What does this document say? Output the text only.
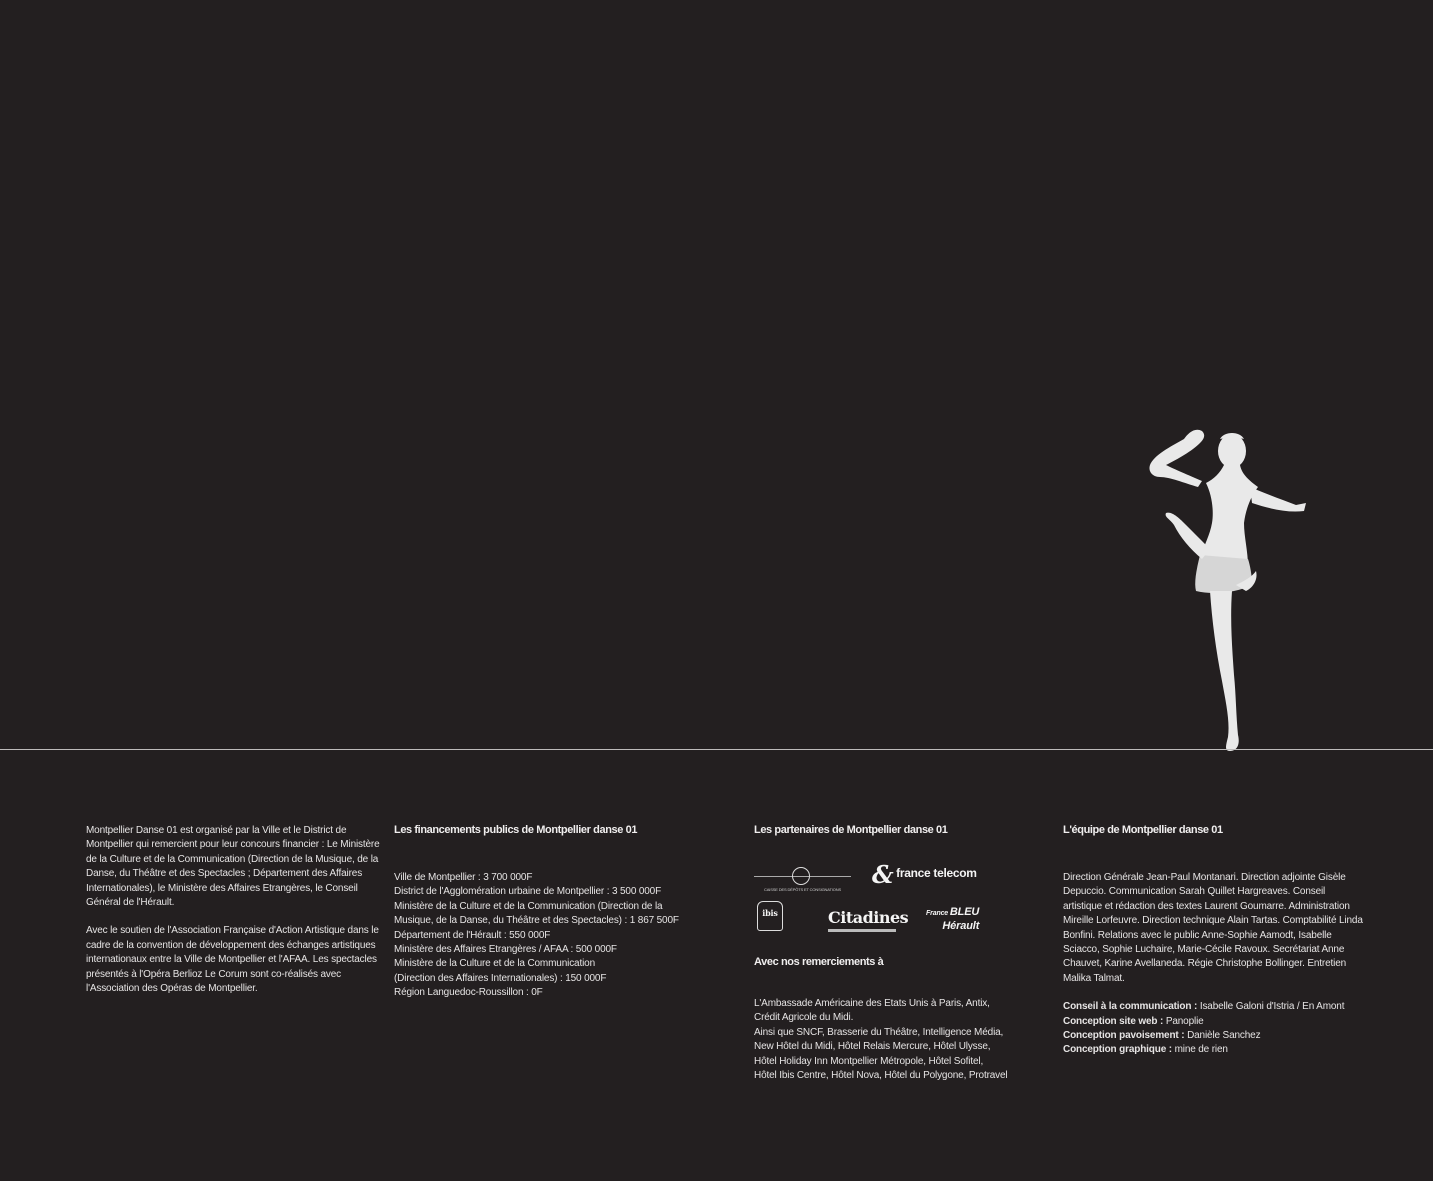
Montpellier Danse 01 est organisé par la Ville et le District de Montpellier qui remercient pour leur concours financier : Le Ministère de la Culture et de la Communication (Direction de la Musique, de la Danse, du Théâtre et des Spectacles ; Département des Affaires Internationales), le Ministère des Affaires Etrangères, le Conseil Général de l'Hérault.

Avec le soutien de l'Association Française d'Action Artistique dans le cadre de la convention de développement des échanges artistiques internationaux entre la Ville de Montpellier et l'AFAA. Les spectacles présentés à l'Opéra Berlioz Le Corum sont co-réalisés avec l'Association des Opéras de Montpellier.

Les financements publics de Montpellier danse 01

Ville de Montpellier : 3 700 000F

District de l'Agglomération urbaine de Montpellier : 3 500 000F

Ministère de la Culture et de la Communication (Direction de la

Musique, de la Danse, du Théâtre et des Spectacles) : 1 867 500F

Département de l'Hérault : 550 000F

Ministère des Affaires Etrangères / AFAA : 500 000F

Ministère de la Culture et de la Communication

(Direction des Affaires Internationales) : 150 000F

Région Languedoc-Roussillon : 0F

Les partenaires de Montpellier danse 01

CAISSE DES DÉPÔTS ET CONSIGNATIONS
& france telecom
ibis	Citadines	France BLEU
Hérault

Avec nos remerciements à

L'Ambassade Américaine des Etats Unis à Paris, Antix,

Crédit Agricole du Midi.

Ainsi que SNCF, Brasserie du Théâtre, Intelligence Média,

New Hôtel du Midi, Hôtel Relais Mercure, Hôtel Ulysse,

Hôtel Holiday Inn Montpellier Métropole, Hôtel Sofitel,

Hôtel Ibis Centre, Hôtel Nova, Hôtel du Polygone, Protravel

L'équipe de Montpellier danse 01

Direction Générale Jean-Paul Montanari. Direction adjointe Gisèle Depuccio. Communication Sarah Quillet Hargreaves. Conseil artistique et rédaction des textes Laurent Goumarre. Administration Mireille Lorfeuvre. Direction technique Alain Tartas. Comptabilité Linda Bonfini. Relations avec le public Anne-Sophie Aamodt, Isabelle Sciacco, Sophie Luchaire, Marie-Cécile Ravoux. Secrétariat Anne Chauvet, Karine Avellaneda. Régie Christophe Bollinger. Entretien Malika Talmat.

Conseil à la communication : Isabelle Galoni d'Istria / En Amont

Conception site web : Panoplie

Conception pavoisement : Danièle Sanchez

Conception graphique : mine de rien
